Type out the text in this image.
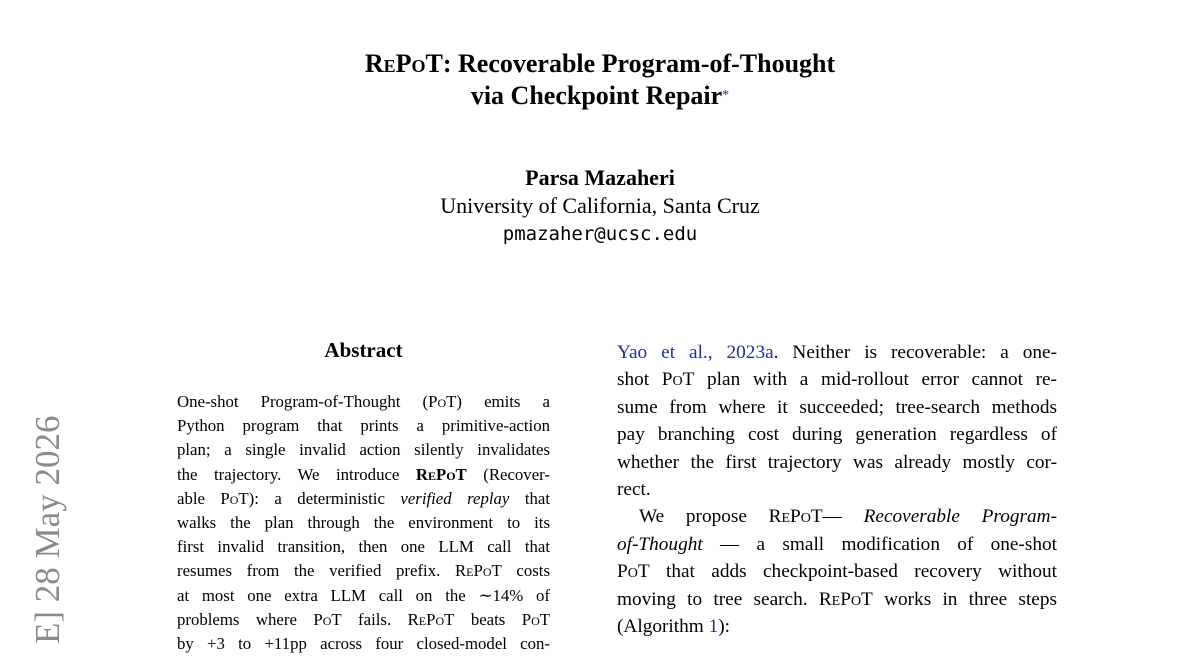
E] 28 May 2026
RePoT: Recoverable Program-of-Thought
via Checkpoint Repair*
Parsa Mazaheri
University of California, Santa Cruz
pmazaher@ucsc.edu
Abstract
One-shot Program-of-Thought (PoT) emits a
Python program that prints a primitive-action
plan; a single invalid action silently invalidates
the trajectory. We introduce RePoT (Recover-
able PoT): a deterministic verified replay that
walks the plan through the environment to its
first invalid transition, then one LLM call that
resumes from the verified prefix. RePoT costs
at most one extra LLM call on the ∼14% of
problems where PoT fails. RePoT beats PoT
by +3 to +11pp across four closed-model con-
Yao et al., 2023a. Neither is recoverable: a one-
shot PoT plan with a mid-rollout error cannot re-
sume from where it succeeded; tree-search methods
pay branching cost during generation regardless of
whether the first trajectory was already mostly cor-
rect.
We propose RePoT— Recoverable Program-
of-Thought — a small modification of one-shot
PoT that adds checkpoint-based recovery without
moving to tree search. RePoT works in three steps
(Algorithm 1):
